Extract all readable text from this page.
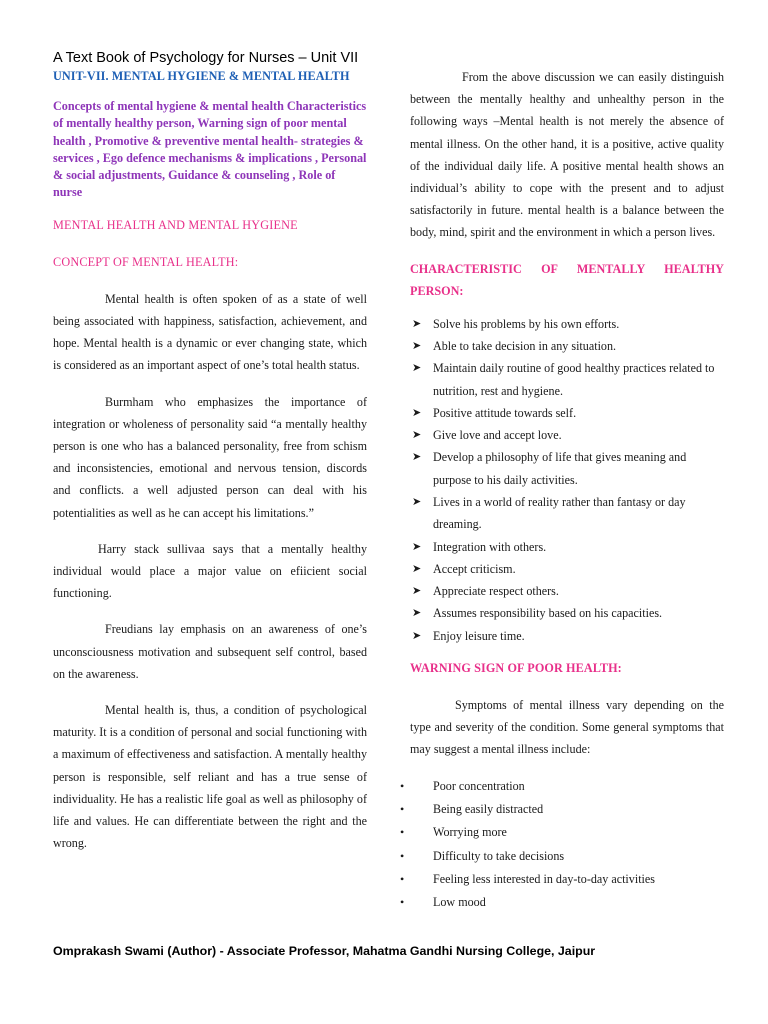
A Text Book of Psychology for Nurses – Unit VII

UNIT-VII. MENTAL HYGIENE & MENTAL HEALTH

Concepts of mental hygiene & mental health Characteristics of mentally healthy person, Warning sign of poor mental health , Promotive & preventive mental health- strategies & services , Ego defence mechanisms & implications , Personal & social adjustments, Guidance & counseling , Role of nurse

MENTAL HEALTH AND MENTAL HYGIENE

CONCEPT OF MENTAL HEALTH:

Mental health is often spoken of as a state of well being associated with happiness, satisfaction, achievement, and hope. Mental health is a dynamic or ever changing state, which is considered as an important aspect of one’s total health status.

Burmham who emphasizes the importance of integration or wholeness of personality said “a mentally healthy person is one who has a balanced personality, free from schism and inconsistencies, emotional and nervous tension, discords and conflicts. a well adjusted person can deal with his potentialities as well as he can accept his limitations.”

Harry stack sullivaa says that a mentally healthy individual would place a major value on efiicient social functioning.

Freudians lay emphasis on an awareness of one’s unconsciousness motivation and subsequent self control, based on the awareness.

Mental health is, thus, a condition of psychological maturity. It is a condition of personal and social functioning with a maximum of effectiveness and satisfaction. A mentally healthy person is responsible, self reliant and has a true sense of individuality. He has a realistic life goal as well as philosophy of life and values. He can differentiate between the right and the wrong.

From the above discussion we can easily distinguish between the mentally healthy and unhealthy person in the following ways –Mental health is not merely the absence of mental illness. On the other hand, it is a positive, active quality of the individual daily life. A positive mental health shows an individual’s ability to cope with the present and to adjust satisfactorily in future. mental health is a balance between the body, mind, spirit and the environment in which a person lives.

CHARACTERISTIC OF MENTALLY HEALTHY

PERSON:

➤ Solve his problems by his own efforts.
➤ Able to take decision in any situation.
➤ Maintain daily routine of good healthy practices related to nutrition, rest and hygiene.
➤ Positive attitude towards self.
➤ Give love and accept love.
➤ Develop a philosophy of life that gives meaning and purpose to his daily activities.
➤ Lives in a world of reality rather than fantasy or day dreaming.
➤ Integration with others.
➤ Accept criticism.
➤ Appreciate respect others.
➤ Assumes responsibility based on his capacities.
➤ Enjoy leisure time.

WARNING SIGN OF POOR HEALTH:

Symptoms of mental illness vary depending on the type and severity of the condition. Some general symptoms that may suggest a mental illness include:

• Poor concentration
• Being easily distracted
• Worrying more
• Difficulty to take decisions
• Feeling less interested in day-to-day activities
• Low mood
Omprakash Swami (Author) - Associate Professor, Mahatma Gandhi Nursing College, Jaipur
